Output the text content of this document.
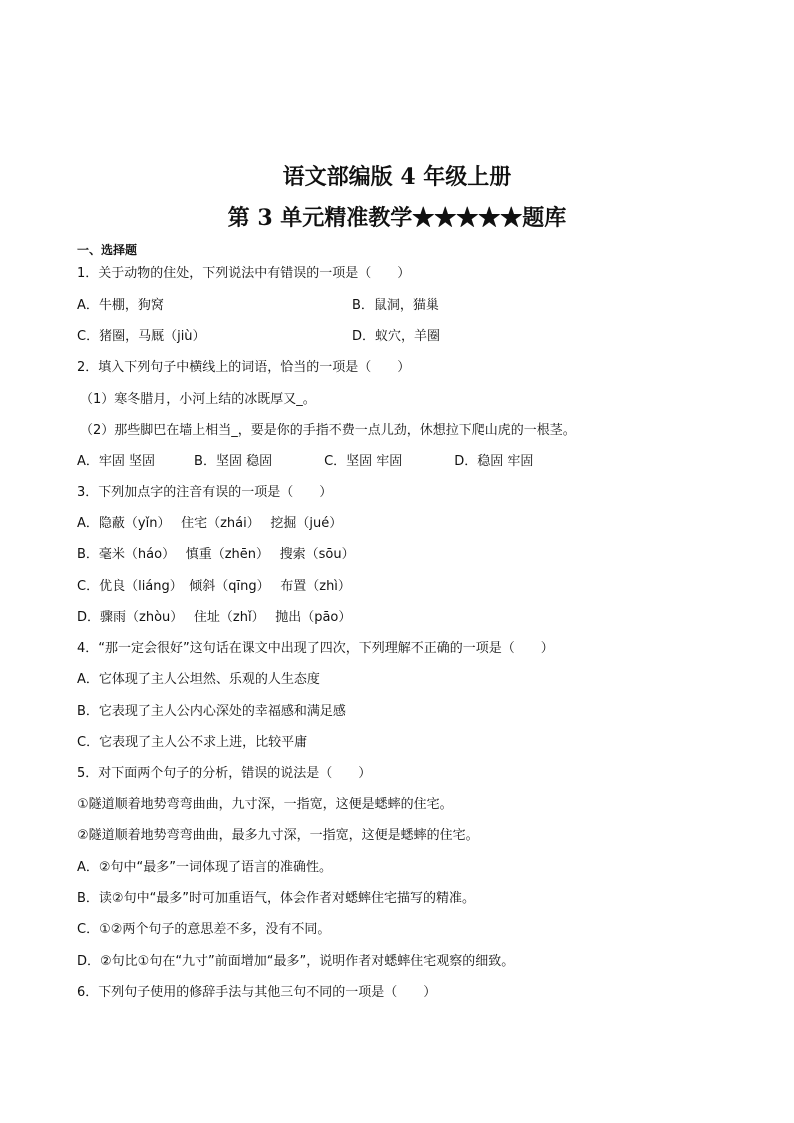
语文部编版 4 年级上册
第 3 单元精准教学★★★★★题库
一、选择题
1．关于动物的住处，下列说法中有错误的一项是（　　）
A．牛棚，狗窝	B．鼠洞，猫巢
C．猪圈，马厩（jiù）	D．蚁穴，羊圈
2．填入下列句子中横线上的词语，恰当的一项是（　　）
（1）寒冬腊月，小河上结的冰既厚又_。
（2）那些脚巴在墙上相当_，要是你的手指不费一点儿劲，休想拉下爬山虎的一根茎。
A．牢固 坚固　　　B．坚固 稳固　　　　C．坚固 牢固　　　　D．稳固 牢固
3．下列加点字的注音有误的一项是（　　）
A．隐蔽（yǐn）　 住宅（zhái）　 挖掘（jué）
B．毫米（háo）　 慎重（zhēn）　 搜索（sōu）
C．优良（liáng）　倾斜（qīng）　 布置（zhì）
D．骤雨（zhòu）　 住址（zhǐ）　 抛出（pāo）
4．“那一定会很好”这句话在课文中出现了四次，下列理解不正确的一项是（　　）
A．它体现了主人公坦然、乐观的人生态度
B．它表现了主人公内心深处的幸福感和满足感
C．它表现了主人公不求上进，比较平庸
5．对下面两个句子的分析，错误的说法是（　　）
①隧道顺着地势弯弯曲曲，九寸深，一指宽，这便是蟋蟀的住宅。
②隧道顺着地势弯弯曲曲，最多九寸深，一指宽，这便是蟋蟀的住宅。
A．②句中“最多”一词体现了语言的准确性。
B．读②句中“最多”时可加重语气，体会作者对蟋蟀住宅描写的精准。
C．①②两个句子的意思差不多，没有不同。
D．②句比①句在“九寸”前面增加“最多”，说明作者对蟋蟀住宅观察的细致。
6．下列句子使用的修辞手法与其他三句不同的一项是（　　）
